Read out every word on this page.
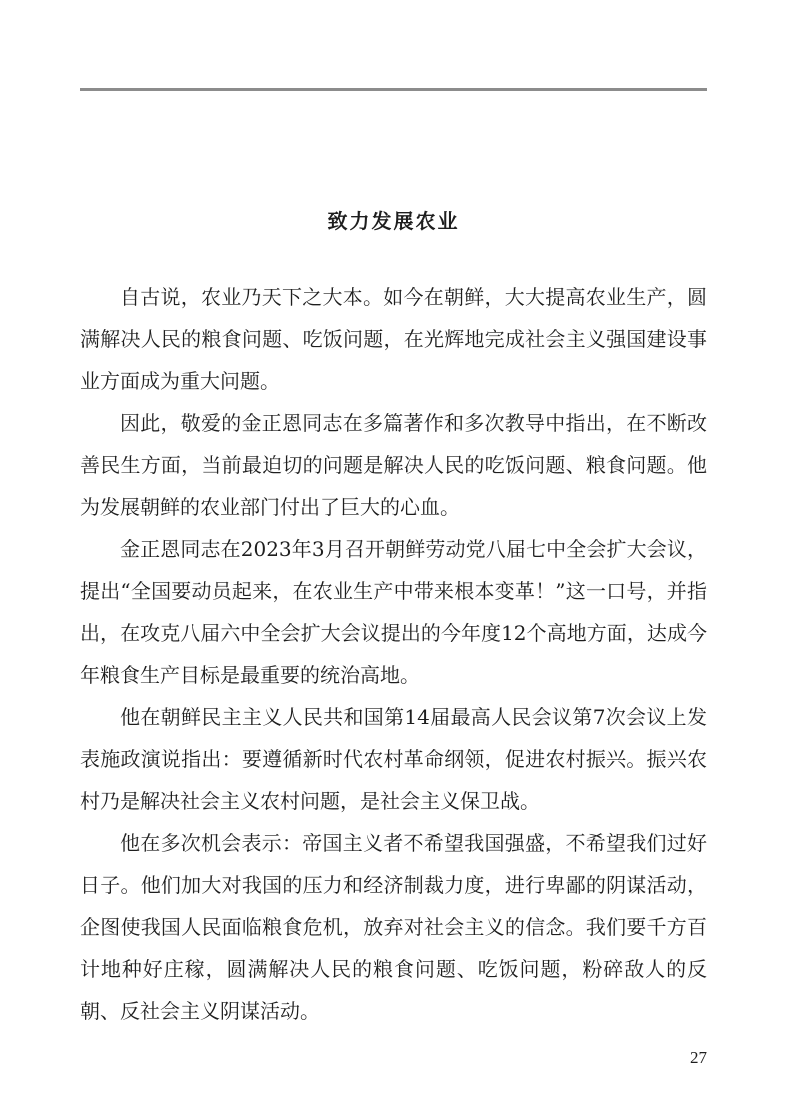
致力发展农业

自古说，农业乃天下之大本。如今在朝鲜，大大提高农业生产，圆满解决人民的粮食问题、吃饭问题，在光辉地完成社会主义强国建设事业方面成为重大问题。

因此，敬爱的金正恩同志在多篇著作和多次教导中指出，在不断改善民生方面，当前最迫切的问题是解决人民的吃饭问题、粮食问题。他为发展朝鲜的农业部门付出了巨大的心血。

金正恩同志在2023年3月召开朝鲜劳动党八届七中全会扩大会议，提出“全国要动员起来，在农业生产中带来根本变革！”这一口号，并指出，在攻克八届六中全会扩大会议提出的今年度12个高地方面，达成今年粮食生产目标是最重要的统治高地。

他在朝鲜民主主义人民共和国第14届最高人民会议第7次会议上发表施政演说指出：要遵循新时代农村革命纲领，促进农村振兴。振兴农村乃是解决社会主义农村问题，是社会主义保卫战。

他在多次机会表示：帝国主义者不希望我国强盛，不希望我们过好日子。他们加大对我国的压力和经济制裁力度，进行卑鄙的阴谋活动，企图使我国人民面临粮食危机，放弃对社会主义的信念。我们要千方百计地种好庄稼，圆满解决人民的粮食问题、吃饭问题，粉碎敌人的反朝、反社会主义阴谋活动。

27
